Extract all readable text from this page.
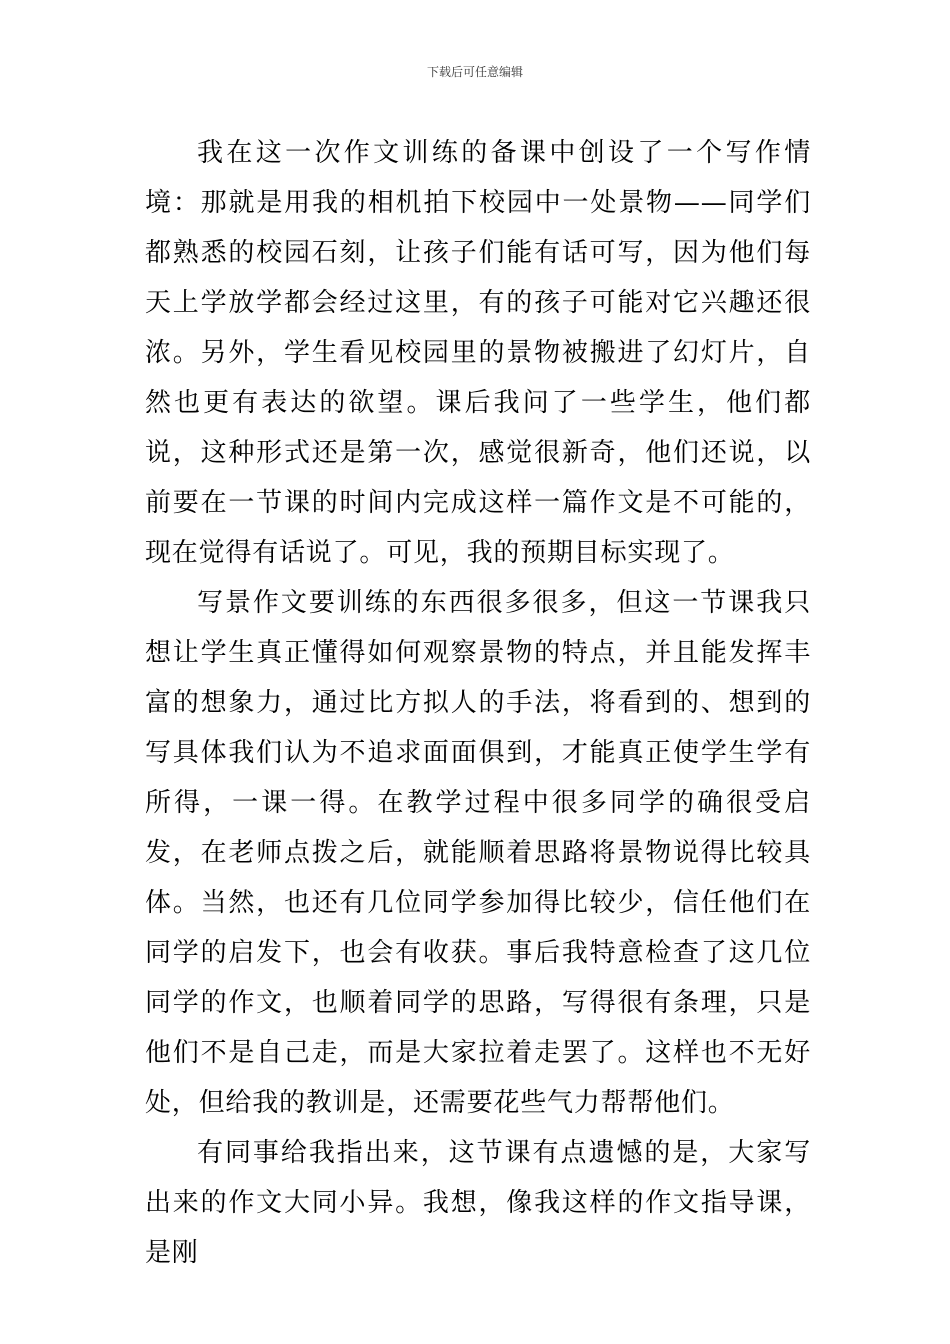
下载后可任意编辑

我在这一次作文训练的备课中创设了一个写作情境：那就是用我的相机拍下校园中一处景物——同学们都熟悉的校园石刻，让孩子们能有话可写，因为他们每天上学放学都会经过这里，有的孩子可能对它兴趣还很浓。另外，学生看见校园里的景物被搬进了幻灯片，自然也更有表达的欲望。课后我问了一些学生，他们都说，这种形式还是第一次，感觉很新奇，他们还说，以前要在一节课的时间内完成这样一篇作文是不可能的，现在觉得有话说了。可见，我的预期目标实现了。

写景作文要训练的东西很多很多，但这一节课我只想让学生真正懂得如何观察景物的特点，并且能发挥丰富的想象力，通过比方拟人的手法，将看到的、想到的写具体我们认为不追求面面俱到，才能真正使学生学有所得，一课一得。在教学过程中很多同学的确很受启发，在老师点拨之后，就能顺着思路将景物说得比较具体。当然，也还有几位同学参加得比较少，信任他们在同学的启发下，也会有收获。事后我特意检查了这几位同学的作文，也顺着同学的思路，写得很有条理，只是他们不是自己走，而是大家拉着走罢了。这样也不无好处，但给我的教训是，还需要花些气力帮帮他们。

有同事给我指出来，这节课有点遗憾的是，大家写出来的作文大同小异。我想，像我这样的作文指导课，是刚
